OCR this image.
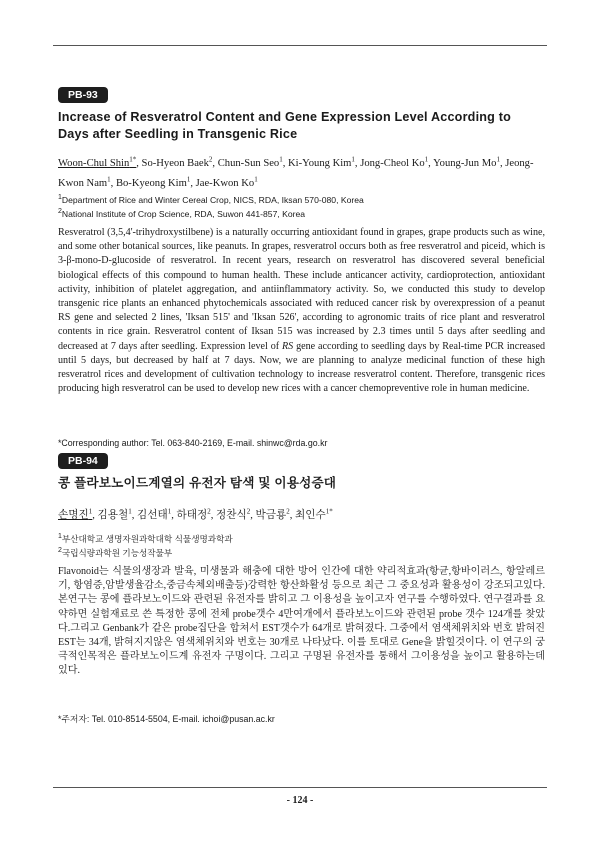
PB-93
Increase of Resveratrol Content and Gene Expression Level According to Days after Seedling in Transgenic Rice

Woon-Chul Shin$^{1*}$, So-Hyeon Baek$^2$, Chun-Sun Seo$^1$, Ki-Young Kim$^1$, Jong-Cheol Ko$^1$, Young-Jun Mo$^1$, Jeong-Kwon Nam$^1$, Bo-Kyeong Kim$^1$, Jae-Kwon Ko$^1$

$^1$Department of Rice and Winter Cereal Crop, NICS, RDA, Iksan 570-080, Korea
$^2$National Institute of Crop Science, RDA, Suwon 441-857, Korea

Resveratrol (3,5,4'-trihydroxystilbene) is a naturally occurring antioxidant found in grapes, grape products such as wine, and some other botanical sources, like peanuts. In grapes, resveratrol occurs both as free resveratrol and piceid, which is 3-β-mono-D-glucoside of resveratrol. In recent years, research on resveratrol has discovered several beneficial biological effects of this compound to human health. These include anticancer activity, cardioprotection, antioxidant activity, inhibition of platelet aggregation, and antiinflammatory activity. So, we conducted this study to develop transgenic rice plants an enhanced phytochemicals associated with reduced cancer risk by overexpression of a peanut RS gene and selected 2 lines, 'Iksan 515' and 'Iksan 526', according to agronomic traits of rice plant and resveratrol contents in rice grain. Resveratrol content of Iksan 515 was increased by 2.3 times until 5 days after seedling and decreased at 7 days after seedling. Expression level of RS gene according to seedling days by Real-time PCR increased until 5 days, but decreased by half at 7 days. Now, we are planning to analyze medicinal function of these high resveratrol rices and development of cultivation technology to increase resveratrol content. Therefore, transgenic rices producing high resveratrol can be used to develop new rices with a cancer chemopreventive role in human medicine.

*Corresponding author: Tel. 063-840-2169, E-mail. shinwc@rda.go.kr

PB-94
콩 플라보노이드계열의 유전자 탐색 및 이용성증대

손명진$^1$, 김용철$^1$, 김선태$^1$, 하태정$^2$, 정찬식$^2$, 박금룡$^2$, 최인수$^{1*}$

$^1$부산대학교 생명자원과학대학 식물생명과학과
$^2$국립식량과학원 기능성작물부

Flavonoid는 식물의생장과 발육, 미생물과 해충에 대한 방어 인간에 대한 약리적효과(항균,항바이러스, 항알레르기, 항염증,암발생율감소,중금속체외배출등)강력한 항산화활성 등으로 최근 그 중요성과 활용성이 강조되고있다. 본연구는 콩에 플라보노이드와 관련된 유전자를 밝히고 그 이용성을 높이고자 연구를 수행하였다. 연구결과를 요약하면 실험재료로 쓴 특정한 콩에 전체 probe갯수 4만여개에서 플라보노이드와 관련된 probe 갯수 124개를 찾았다.그리고 Genbank가 같은 probe집단을 합쳐서 EST갯수가 64개로 밝혀졌다. 그중에서 염색체위치와 번호 밝혀진 EST는 34개, 밝혀지지않은 염색체위치와 번호는 30개로 나타났다. 이를 토대로 Gene을 밝힐것이다. 이 연구의 궁극적인목적은 플라보노이드계 유전자 구명이다. 그리고 구명된 유전자를 통해서 그이용성을 높이고 활용하는데 있다.

*주저자: Tel. 010-8514-5504, E-mail. ichoi@pusan.ac.kr

- 124 -
